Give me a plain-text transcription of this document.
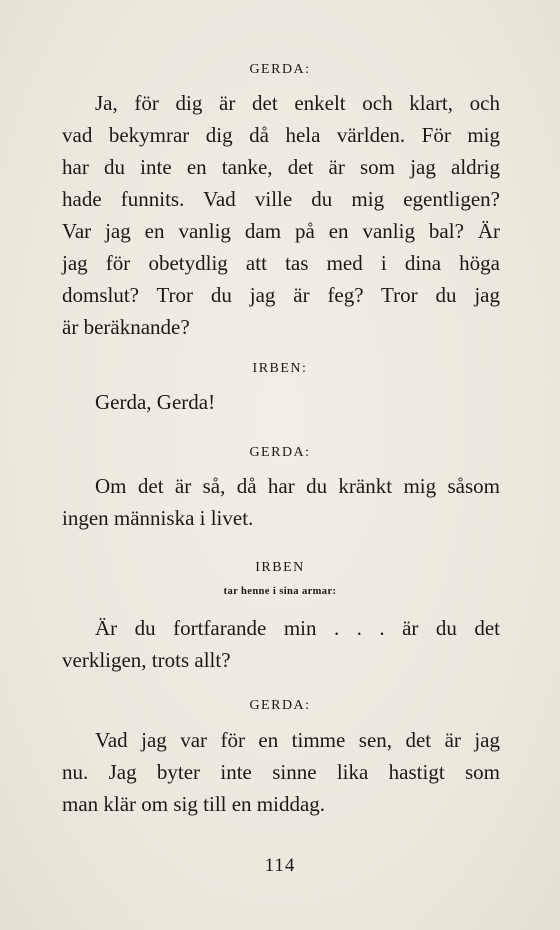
GERDA:
Ja, för dig är det enkelt och klart, och
vad bekymrar dig då hela världen. För mig
har du inte en tanke, det är som jag aldrig
hade funnits. Vad ville du mig egentligen?
Var jag en vanlig dam på en vanlig bal? Är
jag för obetydlig att tas med i dina höga
domslut? Tror du jag är feg? Tror du jag
är beräknande?
IRBEN:
Gerda, Gerda!
GERDA:
Om det är så, då har du kränkt mig såsom
ingen människa i livet.
IRBEN
tar henne i sina armar:
Är du fortfarande min . . . är du det
verkligen, trots allt?
GERDA:
Vad jag var för en timme sen, det är jag
nu. Jag byter inte sinne lika hastigt som
man klär om sig till en middag.
114
